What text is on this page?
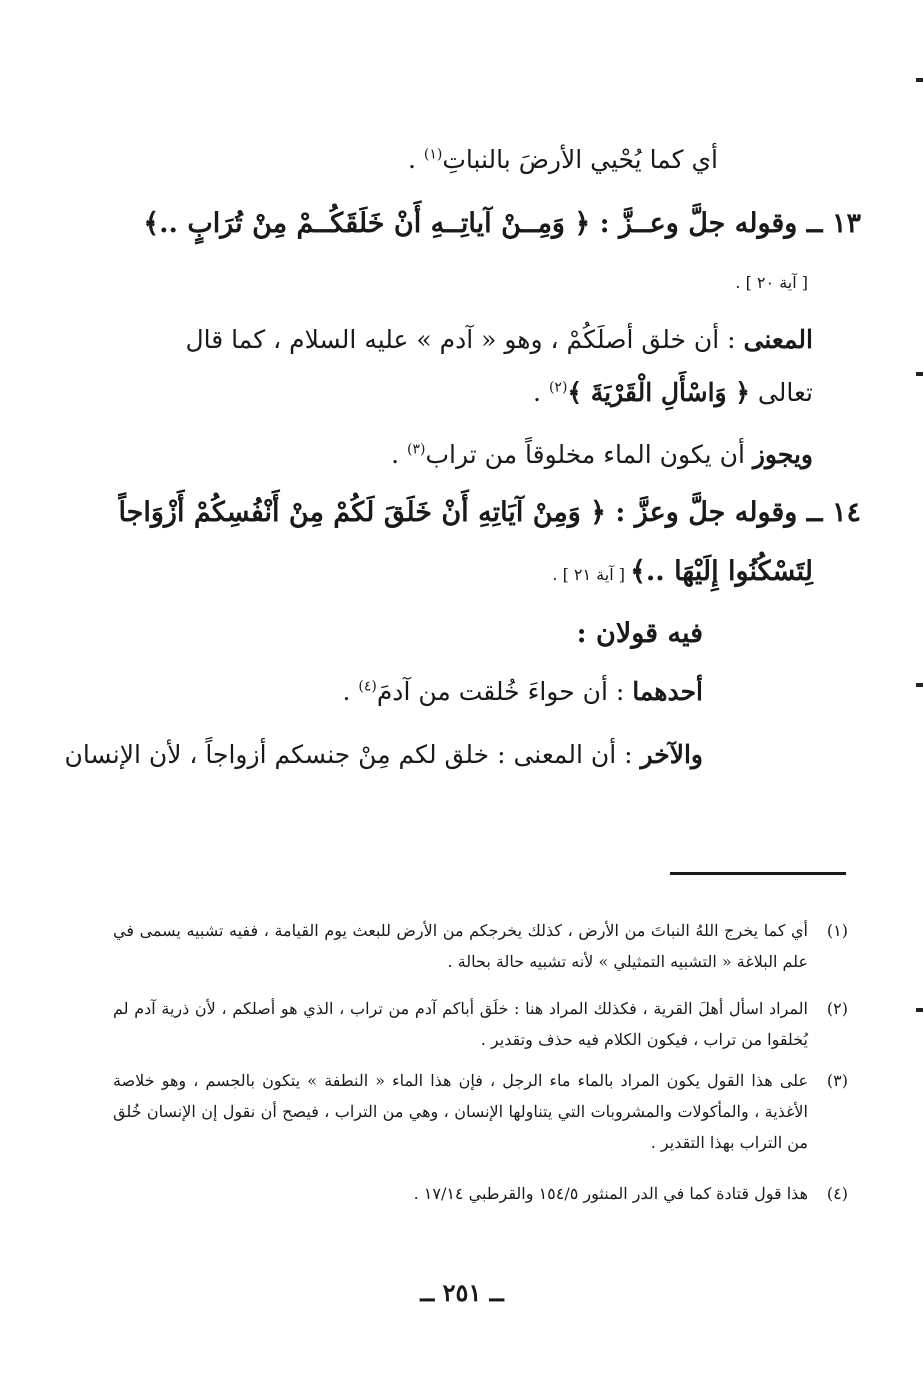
أي كما يُحْيي الأرضَ بالنباتِ$^{(١)}$ .
١٣ ــ وقوله جلَّ وعــزَّ : ﴿ وَمِــنْ آياتِــهِ أَنْ خَلَقَكُــمْ مِنْ تُرَابٍ ..﴾
[ آية ٢٠ ] .
المعنى : أن خلق أصلَكُمْ ، وهو « آدم » عليه السلام ، كما قال
تعالى ﴿ وَاسْأَلِ الْقَرْيَةَ ﴾$^{(٢)}$ .
ويجوز أن يكون الماء مخلوقاً من تراب$^{(٣)}$ .
١٤ ــ وقوله جلَّ وعزَّ : ﴿ وَمِنْ آيَاتِهِ أَنْ خَلَقَ لَكُمْ مِنْ أَنْفُسِكُمْ أَزْوَاجاً
لِتَسْكُنُوا إِلَيْهَا ..﴾ [ آية ٢١ ] .
فيه قولان :
أحدهما : أن حواءَ خُلقت من آدمَ$^{(٤)}$ .
والآخر : أن المعنى : خلق لكم مِنْ جنسكم أزواجاً ، لأن الإنسان
(١)
أي كما يخرج اللهُ النباتَ من الأرض ، كذلك يخرجكم من الأرض للبعث يوم القيامة ، ففيه تشبيه يسمى في علم البلاغة « التشبيه التمثيلي » لأنه تشبيه حالة بحالة .
(٢)
المراد اسأل أهلَ القرية ، فكذلك المراد هنا : خلَق أباكم آدم من تراب ، الذي هو أصلكم ، لأن ذرية آدم لم يُخلقوا من تراب ، فيكون الكلام فيه حذف وتقدير .
(٣)
على هذا القول يكون المراد بالماء ماء الرجل ، فإن هذا الماء « النطفة » يتكون بالجسم ، وهو خلاصة الأغذية ، والمأكولات والمشروبات التي يتناولها الإنسان ، وهي من التراب ، فيصح أن نقول إن الإنسان خُلق من التراب بهذا التقدير .
(٤)
هذا قول قتادة كما في الدر المنثور ١٥٤/٥ والقرطبي ١٧/١٤ .
ــ ٢٥١ ــ
